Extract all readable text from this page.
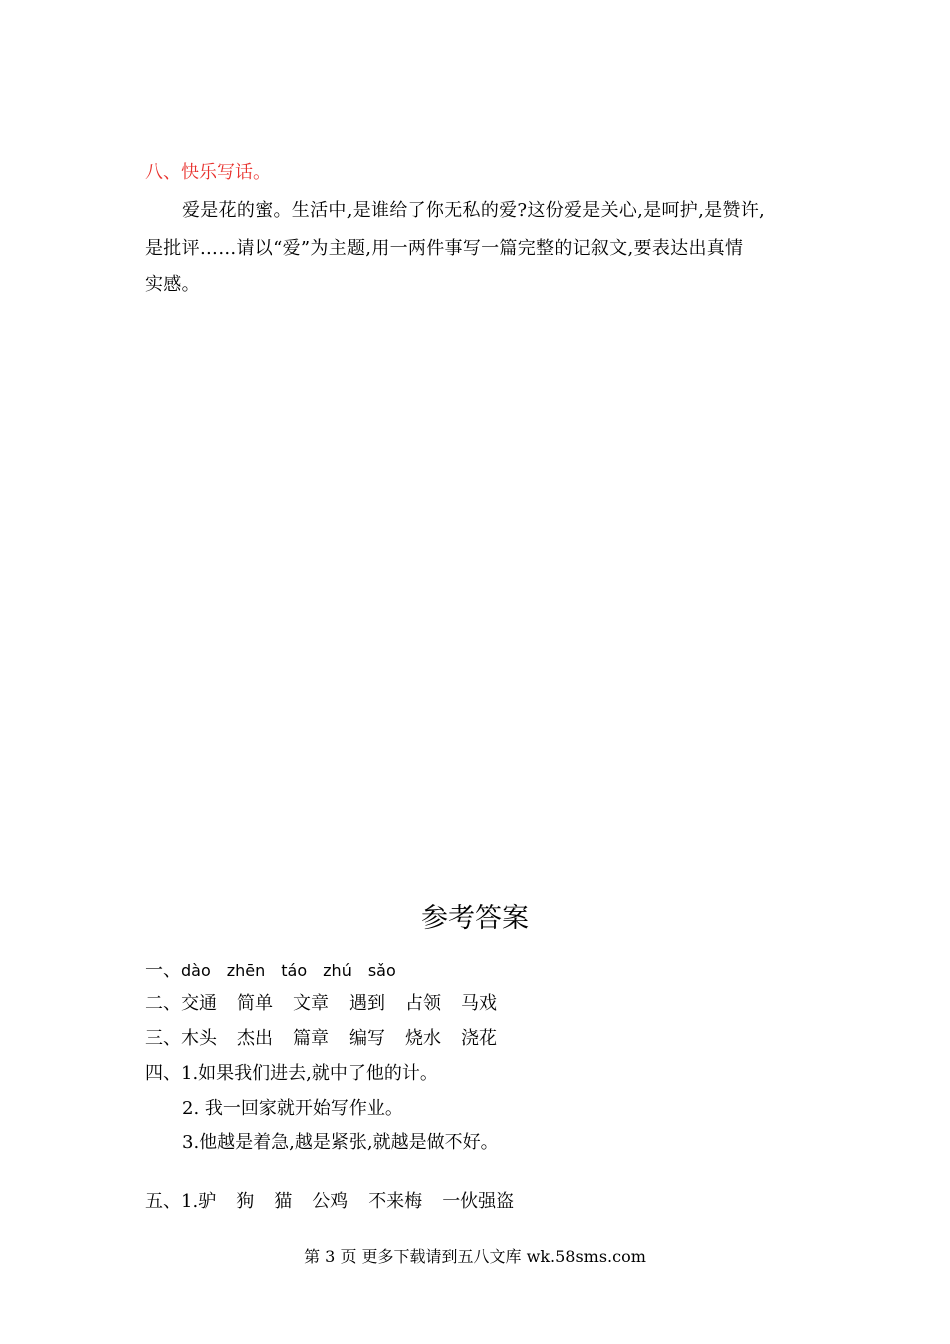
八、快乐写话。
爱是花的蜜。生活中,是谁给了你无私的爱?这份爱是关心,是呵护,是赞许,
是批评……请以“爱”为主题,用一两件事写一篇完整的记叙文,要表达出真情
实感。
参考答案
一、dào zhēn táo zhú sǎo
二、交通 简单 文章 遇到 占领 马戏
三、木头 杰出 篇章 编写 烧水 浇花
四、1.如果我们进去,就中了他的计。
2. 我一回家就开始写作业。
3.他越是着急,越是紧张,就越是做不好。
五、1.驴 狗 猫 公鸡 不来梅 一伙强盗
第 3 页 更多下载请到五八文库 wk.58sms.com
